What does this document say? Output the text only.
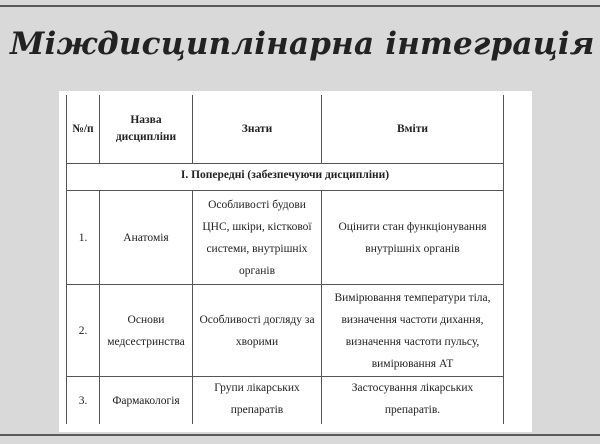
Міждисциплінарна інтеграція
№/п	Назва дисципліни	Знати	Вміти
І. Попередні (забезпечуючи дисципліни)			
1.	Анатомія	Особливості будови ЦНС, шкіри, кісткової системи, внутрішніх органів	Оцінити стан функціонування внутрішніх органів
2.	Основи медсестринства	Особливості догляду за хворими	Вимірювання температури тіла, визначення частоти дихання, визначення частоти пульсу, вимірювання АТ
3.	Фармакологія	Групи лікарських препаратів	Застосування лікарських препаратів.
